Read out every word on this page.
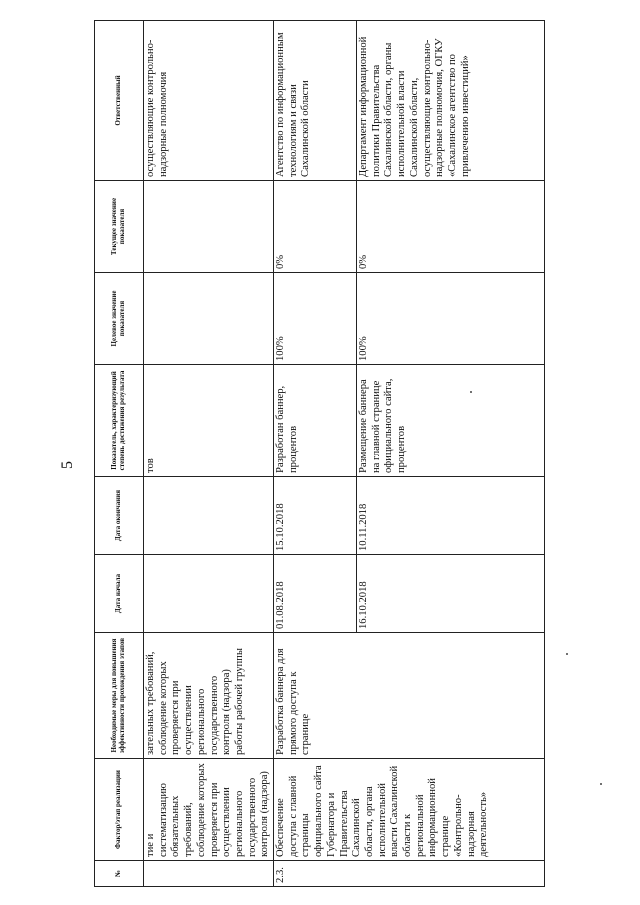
5
№	Фактор/этап реализации	Необходимые меры для повышения эффективности прохождения этапов	Дата начала	Дата окончания	Показатель, характеризующий степень достижения результата	Целевое значение показателя	Текущее значение показателя	Ответственный
	тие и систематизацию обязательных требований, соблюдение которых проверяется при осуществлении регионального государственного контроля (надзора)	зательных требований, соблюдение которых проверяется при осуществлении регионального государственного контроля (надзора) работы рабочей группы			тов			осуществляющие контрольно-надзорные полномочия
2.3.	Обеспечение доступа с главной страницы официального сайта Губернатора и Правительства Сахалинской области, органа исполнительной власти Сахалинской области к региональной информационной странице «Контрольно-надзорная деятельность»	Разработка баннера для прямого доступа к странице	01.08.2018	15.10.2018	Разработан баннер, процентов	100%	0%	Агентство по информационным технологиям и связи Сахалинской области
			16.10.2018	10.11.2018	Размещение баннера на главной странице официального сайта, процентов	100%	0%	Департамент информационной политики Правительства Сахалинской области, органы исполнительной власти Сахалинской области, осуществляющие контрольно-надзорные полномочия, ОГКУ «Сахалинское агентство по привлечению инвестиций»
